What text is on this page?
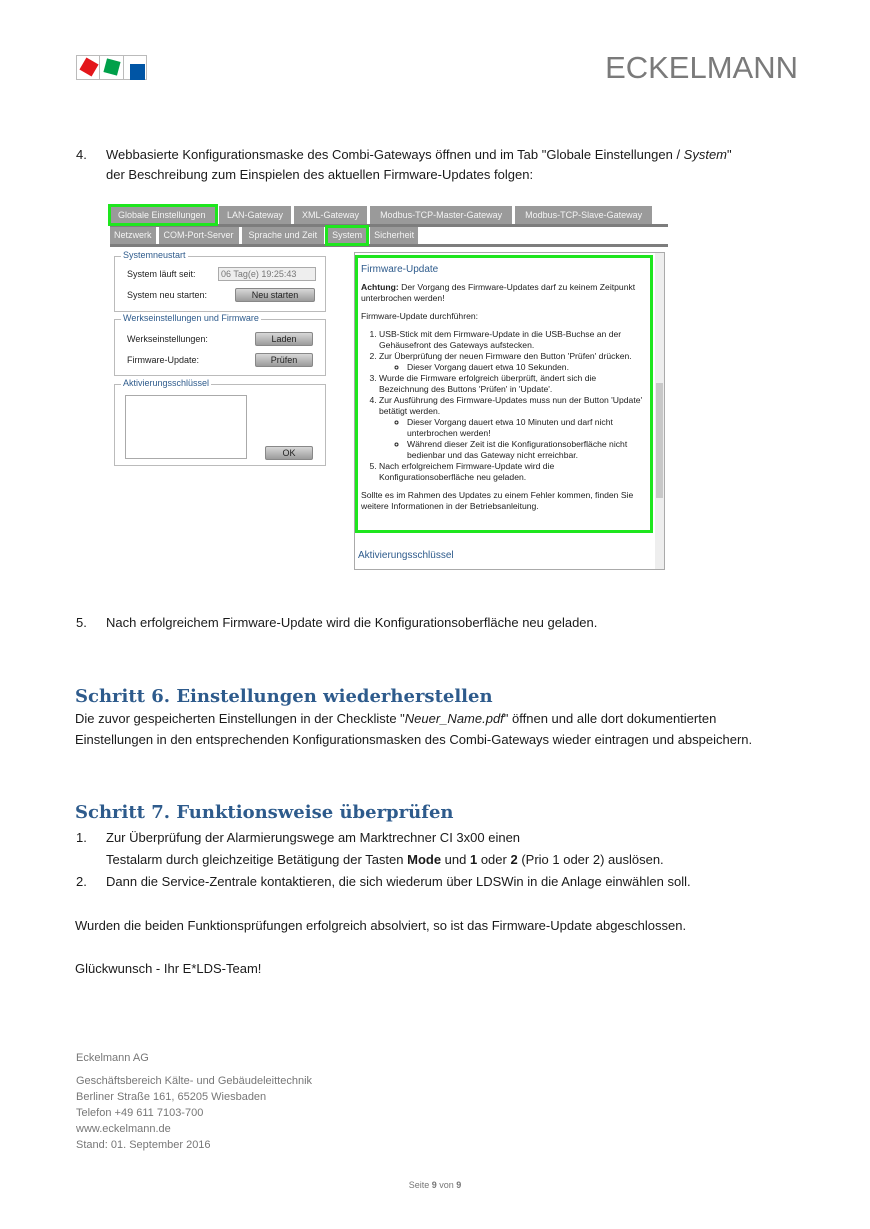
ECKELMANN
4. Webbasierte Konfigurationsmaske des Combi-Gateways öffnen und im Tab "Globale Einstellungen / System"
der Beschreibung zum Einspielen des aktuellen Firmware-Updates folgen:
Globale Einstellungen	LAN-Gateway	XML-Gateway	Modbus-TCP-Master-Gateway	Modbus-TCP-Slave-Gateway
Netzwerk	COM-Port-Server	Sprache und Zeit	System	Sicherheit
Systemneustart
System läuft seit:	06 Tag(e) 19:25:43
System neu starten:	Neu starten
Werkseinstellungen und Firmware
Werkseinstellungen:	Laden
Firmware-Update:	Prüfen
Aktivierungsschlüssel
OK

Firmware-Update

Achtung: Der Vorgang des Firmware-Updates darf zu keinem Zeitpunkt unterbrochen werden!

Firmware-Update durchführen:

1. USB-Stick mit dem Firmware-Update in die USB-Buchse an der Gehäusefront des Gateways aufstecken.
2. Zur Überprüfung der neuen Firmware den Button 'Prüfen' drücken.
◦ Dieser Vorgang dauert etwa 10 Sekunden.
3. Wurde die Firmware erfolgreich überprüft, ändert sich die Bezeichnung des Buttons 'Prüfen' in 'Update'.
4. Zur Ausführung des Firmware-Updates muss nun der Button 'Update' betätigt werden.
◦ Dieser Vorgang dauert etwa 10 Minuten und darf nicht unterbrochen werden!
◦ Während dieser Zeit ist die Konfigurationsoberfläche nicht bedienbar und das Gateway nicht erreichbar.
5. Nach erfolgreichem Firmware-Update wird die Konfigurationsoberfläche neu geladen.

Sollte es im Rahmen des Updates zu einem Fehler kommen, finden Sie weitere Informationen in der Betriebsanleitung.

Aktivierungsschlüssel
5. Nach erfolgreichem Firmware-Update wird die Konfigurationsoberfläche neu geladen.
Schritt 6. Einstellungen wiederherstellen
Die zuvor gespeicherten Einstellungen in der Checkliste "Neuer_Name.pdf" öffnen und alle dort dokumentierten
Einstellungen in den entsprechenden Konfigurationsmasken des Combi-Gateways wieder eintragen und abspeichern.
Schritt 7. Funktionsweise überprüfen
1. Zur Überprüfung der Alarmierungswege am Marktrechner CI 3x00 einen
Testalarm durch gleichzeitige Betätigung der Tasten Mode und 1 oder 2 (Prio 1 oder 2) auslösen.
2. Dann die Service-Zentrale kontaktieren, die sich wiederum über LDSWin in die Anlage einwählen soll.
Wurden die beiden Funktionsprüfungen erfolgreich absolviert, so ist das Firmware-Update abgeschlossen.
Glückwunsch - Ihr E*LDS-Team!
Eckelmann AG
Geschäftsbereich Kälte- und Gebäudeleittechnik
Berliner Straße 161, 65205 Wiesbaden
Telefon +49 611 7103-700
www.eckelmann.de
Stand: 01. September 2016
Seite 9 von 9
